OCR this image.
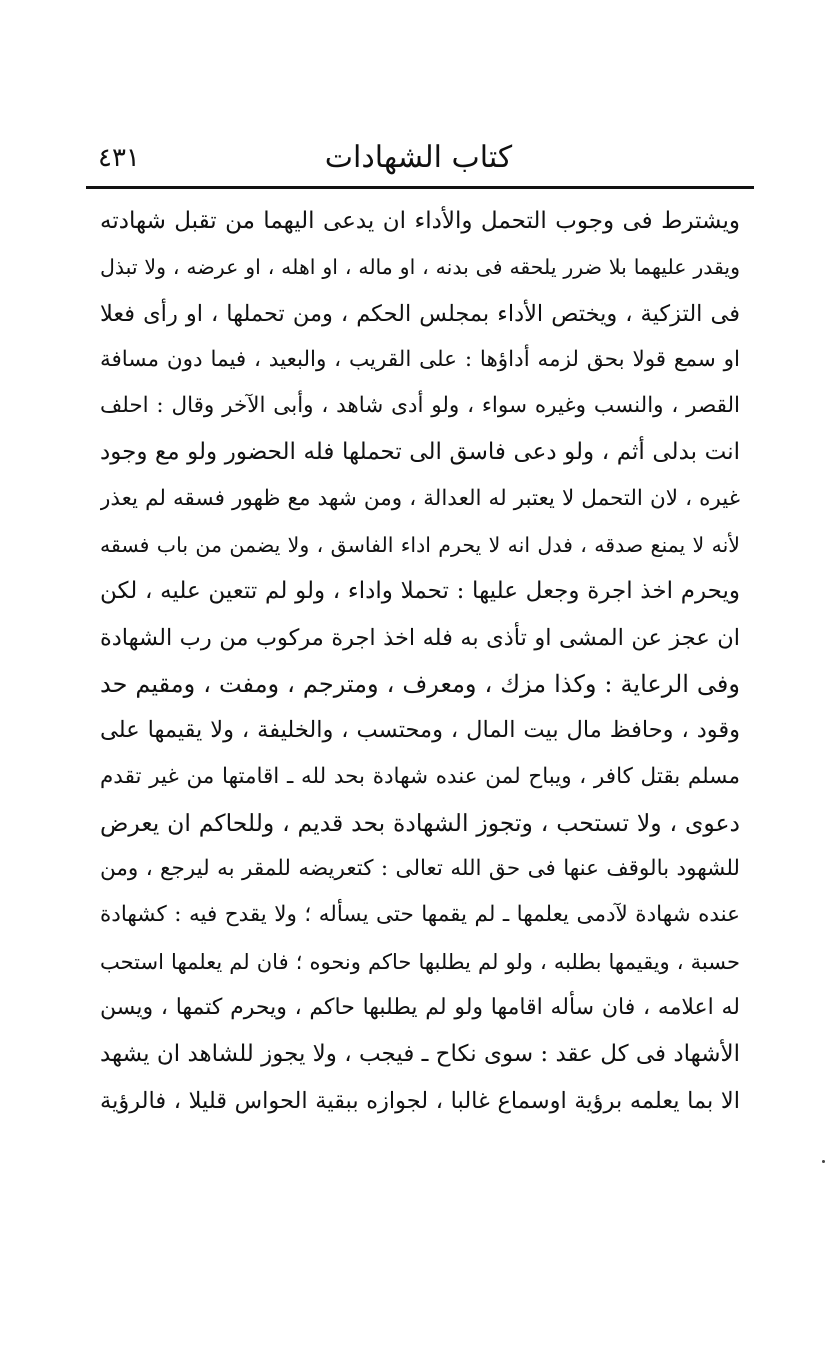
كتاب الشهادات
٤٣١
ويشترط فى وجوب التحمل والأداء ان يدعى اليهما من تقبل شهادته
ويقدر عليهما بلا ضرر يلحقه فى بدنه ، او ماله ، او اهله ، او عرضه ، ولا تبذل
فى التزكية ، ويختص الأداء بمجلس الحكم ، ومن تحملها ، او رأى فعلا
او سمع قولا بحق لزمه أداؤها : على القريب ، والبعيد ، فيما دون مسافة
القصر ، والنسب وغيره سواء ، ولو أدى شاهد ، وأبى الآخر وقال : احلف
انت بدلى أثم ، ولو دعى فاسق الى تحملها فله الحضور ولو مع وجود
غيره ، لان التحمل لا يعتبر له العدالة ، ومن شهد مع ظهور فسقه لم يعذر
لأنه لا يمنع صدقه ، فدل انه لا يحرم اداء الفاسق ، ولا يضمن من باب فسقه
ويحرم اخذ اجرة وجعل عليها : تحملا واداء ، ولو لم تتعين عليه ، لكن
ان عجز عن المشى او تأذى به فله اخذ اجرة مركوب من رب الشهادة
وفى الرعاية : وكذا مزك ، ومعرف ، ومترجم ، ومفت ، ومقيم حد
وقود ، وحافظ مال بيت المال ، ومحتسب ، والخليفة ، ولا يقيمها على
مسلم بقتل كافر ، ويباح لمن عنده شهادة بحد لله ـ اقامتها من غير تقدم
دعوى ، ولا تستحب ، وتجوز الشهادة بحد قديم ، وللحاكم ان يعرض
للشهود بالوقف عنها فى حق الله تعالى : كتعريضه للمقر به ليرجع ، ومن
عنده شهادة لآدمى يعلمها ـ لم يقمها حتى يسأله ؛ ولا يقدح فيه : كشهادة
حسبة ، ويقيمها بطلبه ، ولو لم يطلبها حاكم ونحوه ؛ فان لم يعلمها استحب
له اعلامه ، فان سأله اقامها ولو لم يطلبها حاكم ، ويحرم كتمها ، ويسن
الأشهاد فى كل عقد : سوى نكاح ـ فيجب ، ولا يجوز للشاهد ان يشهد
الا بما يعلمه برؤية اوسماع غالبا ، لجوازه ببقية الحواس قليلا ، فالرؤية
